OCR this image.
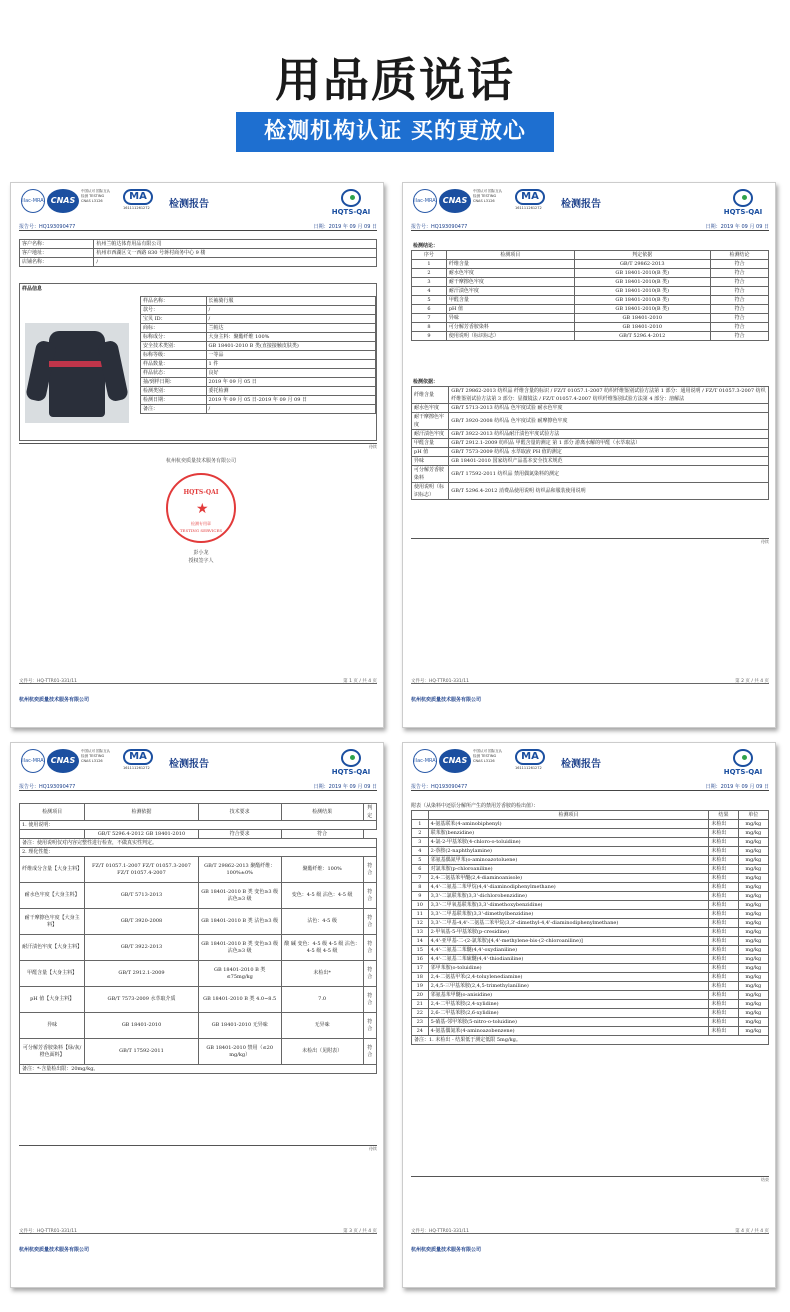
用品质说话
检测机构认证 买的更放心
ilac-MRA CNAS
中国认可 国际互认 检测 TESTING CNAS L3126	MA
161111261272	检测报告
HQTS-QAI
报告号：HQ193090477	日期：2019 年 09 月 09 日
客户名称：	杭州兰帕达体育用品有限公司
客户地址：	杭州市西湖区文一西路 830 号蒋村商务中心 9 楼
店铺名称：	/
样品信息
样品名称：	长袖骑行服
款号：	/
宝贝 ID：	/
商标：	兰帕达
标称成分：	大身主料：聚酯纤维 100%
安全技术类别：	GB 18401-2010 B 类(直接接触皮肤类)
标称等级：	一等品
样品数量：	1 件
样品状态：	良好
抽/到样日期：	2019 年 09 月 05 日
检测类别：	委托检测
检测日期：	2019 年 09 月 05 日-2019 年 09 月 09 日
备注：	/
待续
杭州杭奕质量技术服务有限公司
HQTS-QAI
★
检测专用章
TESTING SERVICES
彭小龙
授权签字人
文件号：HQ-TTR01-331/11	第 1 页 / 共 4 页
杭州杭奕质量技术服务有限公司
ilac-MRA CNAS
中国认可 国际互认 检测 TESTING CNAS L3126	MA
161111261272	检测报告
HQTS-QAI
报告号：HQ193090477	日期：2019 年 09 月 09 日
检测结论：
序号	检测项目	判定依据	检测结论
1	纤维含量	GB/T 29862-2013	符合
2	耐水色牢度	GB 18401-2010(B 类)	符合
3	耐干摩擦色牢度	GB 18401-2010(B 类)	符合
4	耐汗渍色牢度	GB 18401-2010(B 类)	符合
5	甲醛含量	GB 18401-2010(B 类)	符合
6	pH 值	GB 18401-2010(B 类)	符合
7	异味	GB 18401-2010	符合
8	可分解芳香胺染料	GB 18401-2010	符合
9	使用说明（标识标志）	GB/T 5296.4-2012	符合
检测依据：
纤维含量	GB/T 29862-2013 纺织品 纤维含量的标识 / FZ/T 01057.1-2007 纺织纤维鉴别试验方法第 1 部分：通用说明 / FZ/T 01057.3-2007 纺织纤维鉴别试验方法第 3 部分：显微镜法 / FZ/T 01057.4-2007 纺织纤维鉴别试验方法第 4 部分：溶解法
耐水色牢度	GB/T 5713-2013 纺织品 色牢度试验 耐水色牢度
耐干摩擦色牢度	GB/T 3920-2008 纺织品 色牢度试验 耐摩擦色牢度
耐汗渍色牢度	GB/T 3922-2013 纺织品耐汗渍色牢度试验方法
甲醛含量	GB/T 2912.1-2009 纺织品 甲醛含量的测定 第 1 部分 游离水解的甲醛（水萃取法）
pH 值	GB/T 7573-2009 纺织品 水萃取液 PH 值的测定
异味	GB 18401-2010 国家纺织产品基本安全技术规范
可分解芳香胺染料	GB/T 17592-2011 纺织品 禁用偶氮染料的测定
使用说明（标识标志）	GB/T 5296.4-2012 消费品使用说明 纺织品和服装使用说明
待续
文件号：HQ-TTR01-331/11	第 2 页 / 共 4 页
杭州杭奕质量技术服务有限公司
ilac-MRA CNAS
中国认可 国际互认 检测 TESTING CNAS L3126	MA
161111261272	检测报告
HQTS-QAI
报告号：HQ193090477	日期：2019 年 09 月 09 日
检测项目	检测依据	技术要求	检测结果	判定
1. 使用说明：				
	GB/T 5296.4-2012 GB 18401-2010	符合要求	符合	
备注：使用说明仅对内容完整性进行检查，不做真实性判定。				
2. 理化性能：				
纤维成分含量【大身主料】	FZ/T 01057.1-2007 FZ/T 01057.3-2007 FZ/T 01057.4-2007	GB/T 29862-2013 聚酯纤维：100%±0%	聚酯纤维：100%	符合
耐水色牢度【大身主料】	GB/T 5713-2013	GB 18401-2010 B 类 变色≥3 级 沾色≥3 级	变色：4-5 级 沾色：4-5 级	符合
耐干摩擦色牢度【大身主料】	GB/T 3920-2008	GB 18401-2010 B 类 沾色≥3 级	沾色：4-5 级	符合
耐汗渍色牢度【大身主料】	GB/T 3922-2013	GB 18401-2010 B 类 变色≥3 级 沾色≥3 级	酸 碱 变色：4-5 级 4-5 级 沾色：4-5 级 4-5 级	符合
甲醛含量【大身主料】	GB/T 2912.1-2009	GB 18401-2010 B 类 ≤75mg/kg	未检出*	符合
pH 值【大身主料】	GB/T 7573-2009 水萃取介质	GB 18401-2010 B 类 4.0~8.5	7.0	符合
异味	GB 18401-2010	GB 18401-2010 无异味	无异味	符合
可分解芳香胺染料【绿/灰/橙色面料】	GB/T 17592-2011	GB 18401-2010 禁用（≤20 mg/kg）	未检出（见附表）	符合
备注：*-含量检出限：20mg/kg。				
待续
文件号：HQ-TTR01-331/11	第 3 页 / 共 4 页
杭州杭奕质量技术服务有限公司
ilac-MRA CNAS
中国认可 国际互认 检测 TESTING CNAS L3126	MA
161111261272	检测报告
HQTS-QAI
报告号：HQ193090477	日期：2019 年 09 月 09 日
附表（从染料中还原分解所产生的禁用芳香胺的检出值）：
	检测项目	结果	单位
1	4-氨基联苯(4-aminobiphenyl)	未检出	mg/kg
2	联苯胺(benzidine)	未检出	mg/kg
3	4-氯-2-甲基苯胺(4-chloro-o-toluidine)	未检出	mg/kg
4	2-萘胺(2-naphthylamine)	未检出	mg/kg
5	邻氨基偶氮甲苯(o-aminoazotoluene)	未检出	mg/kg
6	对氯苯胺(p-chloroaniline)	未检出	mg/kg
7	2,4-二氨基苯甲醚(2,4-diaminoanisole)	未检出	mg/kg
8	4,4'-二氨基二苯甲烷(4,4'-diaminodiphenylmethane)	未检出	mg/kg
9	3,3'-二氯联苯胺(3,3'-dichlorobenzidine)	未检出	mg/kg
10	3,3'-二甲氧基联苯胺(3,3'-dimethoxybenzidine)	未检出	mg/kg
11	3,3'-二甲基联苯胺(3,3'-dimethylbenzidine)	未检出	mg/kg
12	3,3'-二甲基-4,4'-二氨基二苯甲烷(3,3'-dimethyl-4,4'-diaminodiphenylmethane)	未检出	mg/kg
13	2-甲氧基-5-甲基苯胺(p-cresidine)	未检出	mg/kg
14	4,4'-亚甲基-二-(2-氯苯胺)[4,4'-methylene-bis-(2-chloroaniline)]	未检出	mg/kg
15	4,4'-二氨基二苯醚(4,4'-oxydianiline)	未检出	mg/kg
16	4,4'-二氨基二苯硫醚(4,4'-thiodianiline)	未检出	mg/kg
17	邻甲苯胺(o-toluidine)	未检出	mg/kg
18	2,4-二氨基甲苯(2,4-toluylenediamine)	未检出	mg/kg
19	2,4,5-三甲基苯胺(2,4,5-trimethylaniline)	未检出	mg/kg
20	邻氨基苯甲醚(o-anisidine)	未检出	mg/kg
21	2,4-二甲基苯胺(2,4-xylidine)	未检出	mg/kg
22	2,6-二甲基苯胺(2,6-xylidine)	未检出	mg/kg
23	5-硝基-邻甲苯胺(5-nitro-o-toluidine)	未检出	mg/kg
24	4-氨基偶氮苯(4-aminoazobenzene)	未检出	mg/kg
备注：1. 未检出 - 结果低于测定低限 5mg/kg。			
结束
文件号：HQ-TTR01-331/11	第 4 页 / 共 4 页
杭州杭奕质量技术服务有限公司
